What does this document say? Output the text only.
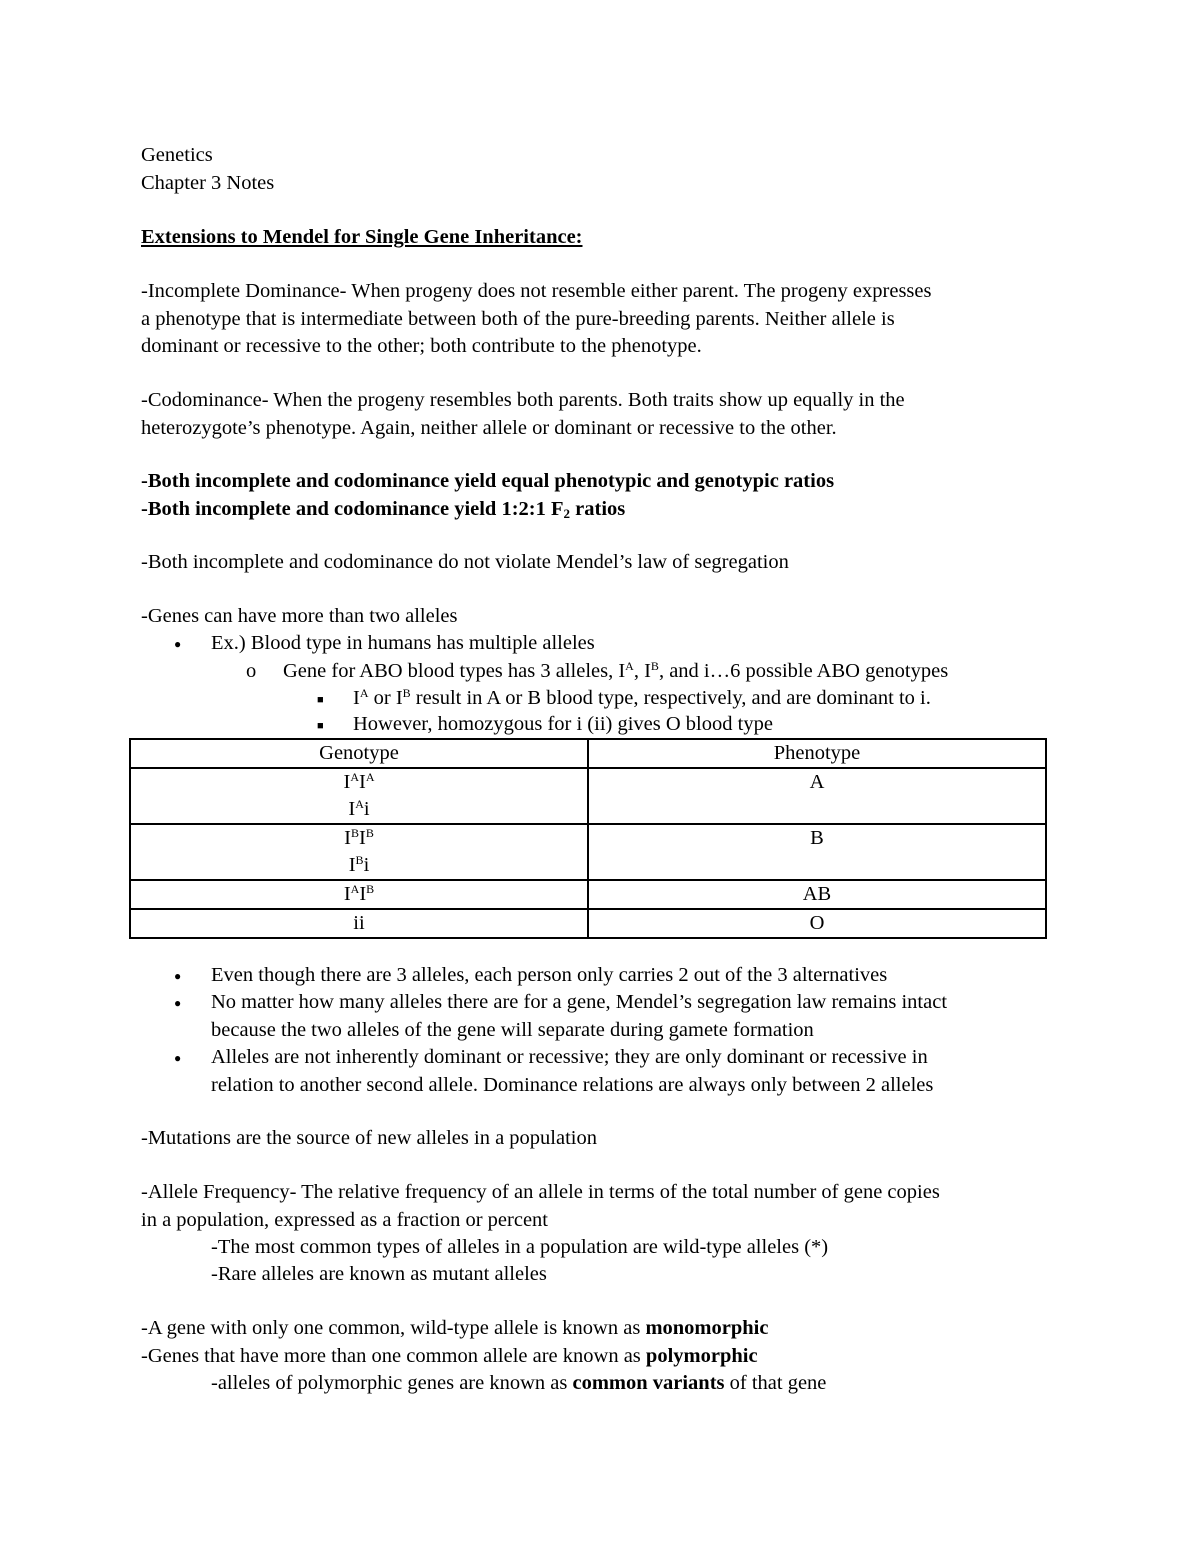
Genetics

Chapter 3 Notes

Extensions to Mendel for Single Gene Inheritance:

-Incomplete Dominance- When progeny does not resemble either parent. The progeny expresses

a phenotype that is intermediate between both of the pure-breeding parents. Neither allele is

dominant or recessive to the other; both contribute to the phenotype.

-Codominance- When the progeny resembles both parents. Both traits show up equally in the

heterozygote’s phenotype. Again, neither allele or dominant or recessive to the other.

-Both incomplete and codominance yield equal phenotypic and genotypic ratios

-Both incomplete and codominance yield 1:2:1 $F_2$ ratios

-Both incomplete and codominance do not violate Mendel’s law of segregation

-Genes can have more than two alleles

● Ex.) Blood type in humans has multiple alleles
o Gene for ABO blood types has 3 alleles, $I^A$, $I^B$, and i…6 possible ABO genotypes
■ $I^A$ or $I^B$ result in A or B blood type, respectively, and are dominant to i.
■ However, homozygous for i (ii) gives O blood type
Genotype	Phenotype

$I^AI^A$
$I^Ai$	A

$I^BI^B$
$I^Bi$	B
$I^AI^B$	AB
ii	O
● Even though there are 3 alleles, each person only carries 2 out of the 3 alternatives
● No matter how many alleles there are for a gene, Mendel’s segregation law remains intact
because the two alleles of the gene will separate during gamete formation
● Alleles are not inherently dominant or recessive; they are only dominant or recessive in
relation to another second allele. Dominance relations are always only between 2 alleles

-Mutations are the source of new alleles in a population

-Allele Frequency- The relative frequency of an allele in terms of the total number of gene copies

in a population, expressed as a fraction or percent

-The most common types of alleles in a population are wild-type alleles (*)
-Rare alleles are known as mutant alleles

-A gene with only one common, wild-type allele is known as monomorphic

-Genes that have more than one common allele are known as polymorphic

-alleles of polymorphic genes are known as common variants of that gene
